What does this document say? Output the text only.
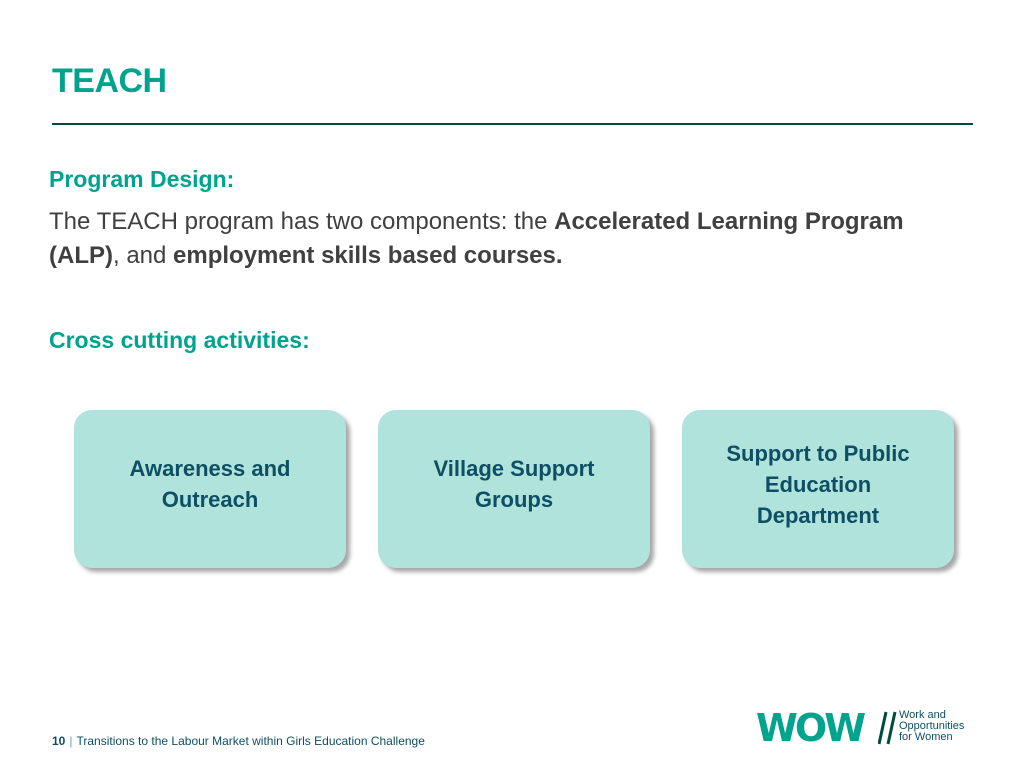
TEACH
Program Design:

The TEACH program has two components: the Accelerated Learning Program (ALP), and employment skills based courses.

Cross cutting activities:
Awareness and Outreach
Village Support Groups
Support to Public Education Department
10 | Transitions to the Labour Market within Girls Education Challenge	WOW	Work and
Opportunities
for Women
